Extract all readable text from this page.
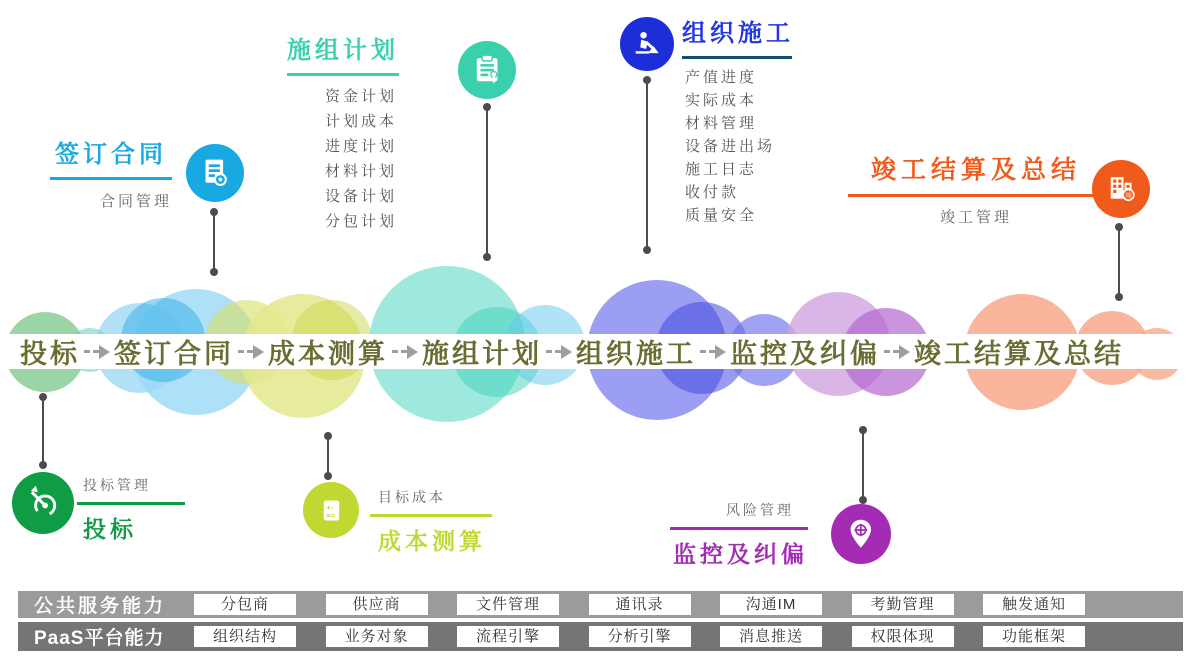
投标 签订合同 成本测算 施组计划 组织施工 监控及纠偏 竣工结算及总结
竣
+-
×=
签订合同
合同管理
施组计划
资金计划
计划成本
进度计划
材料计划
设备计划
分包计划
组织施工
产值进度
实际成本
材料管理
设备进出场
施工日志
收付款
质量安全
竣工结算及总结
竣工管理
投标管理
投标
目标成本
成本测算
风险管理
监控及纠偏
公共服务能力	分包商	供应商	文件管理	通讯录	沟通IM	考勤管理	触发通知
PaaS平台能力	组织结构	业务对象	流程引擎	分析引擎	消息推送	权限体现	功能框架
